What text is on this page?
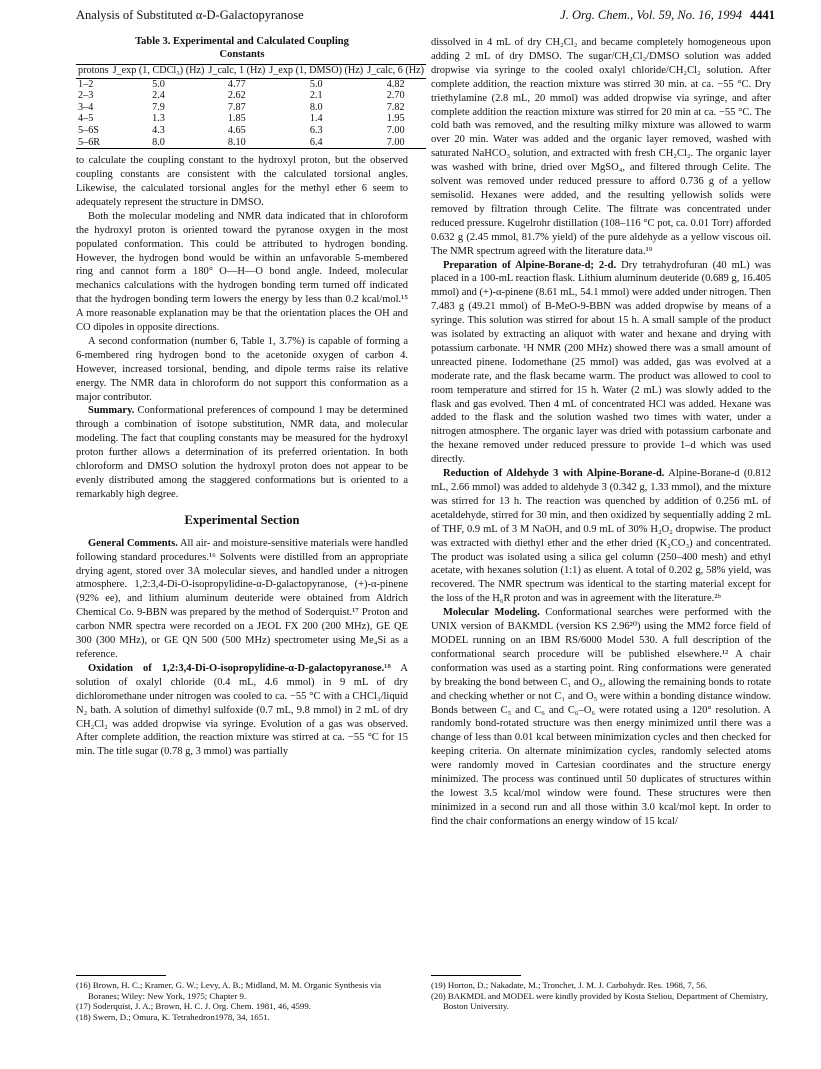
Analysis of Substituted α-D-Galactopyranose	J. Org. Chem., Vol. 59, No. 16, 1994 4441
Table 3. Experimental and Calculated Coupling Constants
protons	J_exp (1, CDCl₃) (Hz)	J_calc, 1 (Hz)	J_exp (1, DMSO) (Hz)	J_calc, 6 (Hz)
1–2	5.0	4.77	5.0	4.82
2–3	2.4	2.62	2.1	2.70
3–4	7.9	7.87	8.0	7.82
4–5	1.3	1.85	1.4	1.95
5–6S	4.3	4.65	6.3	7.00
5–6R	8.0	8.10	6.4	7.00

to calculate the coupling constant to the hydroxyl proton, but the observed coupling constants are consistent with the calculated torsional angles. Likewise, the calculated torsional angles for the methyl ether 6 seem to adequately represent the structure in DMSO.

Both the molecular modeling and NMR data indicated that in chloroform the hydroxyl proton is oriented toward the pyranose oxygen in the most populated conformation. This could be attributed to hydrogen bonding. However, the hydrogen bond would be within an unfavorable 5-membered ring and cannot form a 180° O—H—O bond angle. Indeed, molecular mechanics calculations with the hydrogen bonding term turned off indicated that the hydrogen bonding term lowers the energy by less than 0.2 kcal/mol.¹⁵ A more reasonable explanation may be that the orientation places the OH and CO dipoles in opposite directions.

A second conformation (number 6, Table 1, 3.7%) is capable of forming a 6-membered ring hydrogen bond to the acetonide oxygen of carbon 4. However, increased torsional, bending, and dipole terms raise its relative energy. The NMR data in chloroform do not support this conformation as a major contributor.

Summary. Conformational preferences of compound 1 may be determined through a combination of isotope substitution, NMR data, and molecular modeling. The fact that coupling constants may be measured for the hydroxyl proton further allows a determination of its preferred orientation. In both chloroform and DMSO solution the hydroxyl proton does not appear to be evenly distributed among the staggered conformations but is oriented to a remarkably high degree.

Experimental Section

General Comments. All air- and moisture-sensitive materials were handled following standard procedures.¹⁶ Solvents were distilled from an appropriate drying agent, stored over 3A molecular sieves, and handled under a nitrogen atmosphere. 1,2:3,4-Di-O-isopropylidine-α-D-galactopyranose, (+)-α-pinene (92% ee), and lithium aluminum deuteride were obtained from Aldrich Chemical Co. 9-BBN was prepared by the method of Soderquist.¹⁷ Proton and carbon NMR spectra were recorded on a JEOL FX 200 (200 MHz), GE QE 300 (300 MHz), or GE QN 500 (500 MHz) spectrometer using Me₄Si as a reference.

Oxidation of 1,2:3,4-Di-O-isopropylidine-α-D-galactopyranose.¹⁸ A solution of oxalyl chloride (0.4 mL, 4.6 mmol) in 9 mL of dry dichloromethane under nitrogen was cooled to ca. −55 °C with a CHCl₃/liquid N₂ bath. A solution of dimethyl sulfoxide (0.7 mL, 9.8 mmol) in 2 mL of dry CH₂Cl₂ was added dropwise via syringe. Evolution of a gas was observed. After complete addition, the reaction mixture was stirred at ca. −55 °C for 15 min. The title sugar (0.78 g, 3 mmol) was partially

dissolved in 4 mL of dry CH₂Cl₂ and became completely homogeneous upon adding 2 mL of dry DMSO. The sugar/CH₂Cl₂/DMSO solution was added dropwise via syringe to the cooled oxalyl chloride/CH₂Cl₂ solution. After complete addition, the reaction mixture was stirred 30 min. at ca. −55 °C. Dry triethylamine (2.8 mL, 20 mmol) was added dropwise via syringe, and after complete addition the reaction mixture was stirred for 20 min at ca. −55 °C. The cold bath was removed, and the resulting milky mixture was allowed to warm over 20 min. Water was added and the organic layer removed, washed with saturated NaHCO₃ solution, and extracted with fresh CH₂Cl₂. The organic layer was washed with brine, dried over MgSO₄, and filtered through Celite. The solvent was removed under reduced pressure to afford 0.736 g of a yellow semisolid. Hexanes were added, and the resulting yellowish solids were removed by filtration through Celite. The filtrate was concentrated under reduced pressure. Kugelrohr distillation (108–116 °C pot, ca. 0.01 Torr) afforded 0.632 g (2.45 mmol, 81.7% yield) of the pure aldehyde as a yellow viscous oil. The NMR spectrum agreed with the literature data.¹⁹

Preparation of Alpine-Borane-d; 2-d. Dry tetrahydrofuran (40 mL) was placed in a 100-mL reaction flask. Lithium aluminum deuteride (0.689 g, 16.405 mmol) and (+)-α-pinene (8.61 mL, 54.1 mmol) were added under nitrogen. Then 7.483 g (49.21 mmol) of B-MeO-9-BBN was added dropwise by means of a syringe. This solution was stirred for about 15 h. A small sample of the product was isolated by extracting an aliquot with water and hexane and drying with potassium carbonate. ¹H NMR (200 MHz) showed there was a small amount of unreacted pinene. Iodomethane (25 mmol) was added, gas was evolved at a moderate rate, and the flask became warm. The product was allowed to cool to room temperature and stirred for 15 h. Water (2 mL) was slowly added to the flask and gas evolved. Then 4 mL of concentrated HCl was added. Hexane was added to the flask and the solution washed two times with water, under a nitrogen atmosphere. The organic layer was dried with potassium carbonate and the hexane removed under reduced pressure to provide 1–d which was used directly.

Reduction of Aldehyde 3 with Alpine-Borane-d. Alpine-Borane-d (0.812 mL, 2.66 mmol) was added to aldehyde 3 (0.342 g, 1.33 mmol), and the mixture was stirred for 13 h. The reaction was quenched by addition of 0.256 mL of acetaldehyde, stirred for 30 min, and then oxidized by sequentially adding 2 mL of THF, 0.9 mL of 3 M NaOH, and 0.9 mL of 30% H₂O₂ dropwise. The product was extracted with diethyl ether and the ether dried (K₂CO₃) and concentrated. The product was isolated using a silica gel column (250–400 mesh) and ethyl acetate, with hexanes solution (1:1) as eluent. A total of 0.202 g, 58% yield, was recovered. The NMR spectrum was identical to the starting material except for the loss of the H₆R proton and was in agreement with the literature.²ᵇ

Molecular Modeling. Conformational searches were performed with the UNIX version of BAKMDL (version KS 2.96²⁰) using the MM2 force field of MODEL running on an IBM RS/6000 Model 530. A full description of the conformational search procedure will be published elsewhere.¹² A chair conformation was used as a starting point. Ring conformations were generated by breaking the bond between C₁ and O₅, allowing the remaining bonds to rotate and checking whether or not C₁ and O₅ were within a bonding distance window. Bonds between C₅ and C₆ and C₆–O₆ were rotated using a 120° resolution. A randomly bond-rotated structure was then energy minimized until there was a change of less than 0.01 kcal between minimization cycles and then checked for keeping criteria. On alternate minimization cycles, randomly selected atoms were randomly moved in Cartesian coordinates and the structure energy minimized. The process was continued until 50 duplicates of structures within the lowest 3.5 kcal/mol window were found. These structures were then minimized in a second run and all those within 3.0 kcal/mol kept. In order to find the chair conformations an energy window of 15 kcal/

(16) Brown, H. C.; Kramer, G. W.; Levy, A. B.; Midland, M. M. Organic Synthesis via Boranes; Wiley: New York, 1975; Chapter 9.
(17) Soderquist, J. A.; Brown, H. C. J. Org. Chem. 1981, 46, 4599.
(18) Swern, D.; Omura, K. Tetrahedron1978, 34, 1651.
(19) Horton, D.; Nakadate, M.; Tronchet, J. M. J. Carbohydr. Res. 1968, 7, 56.
(20) BAKMDL and MODEL were kindly provided by Kosta Steliou, Department of Chemistry, Boston University.
